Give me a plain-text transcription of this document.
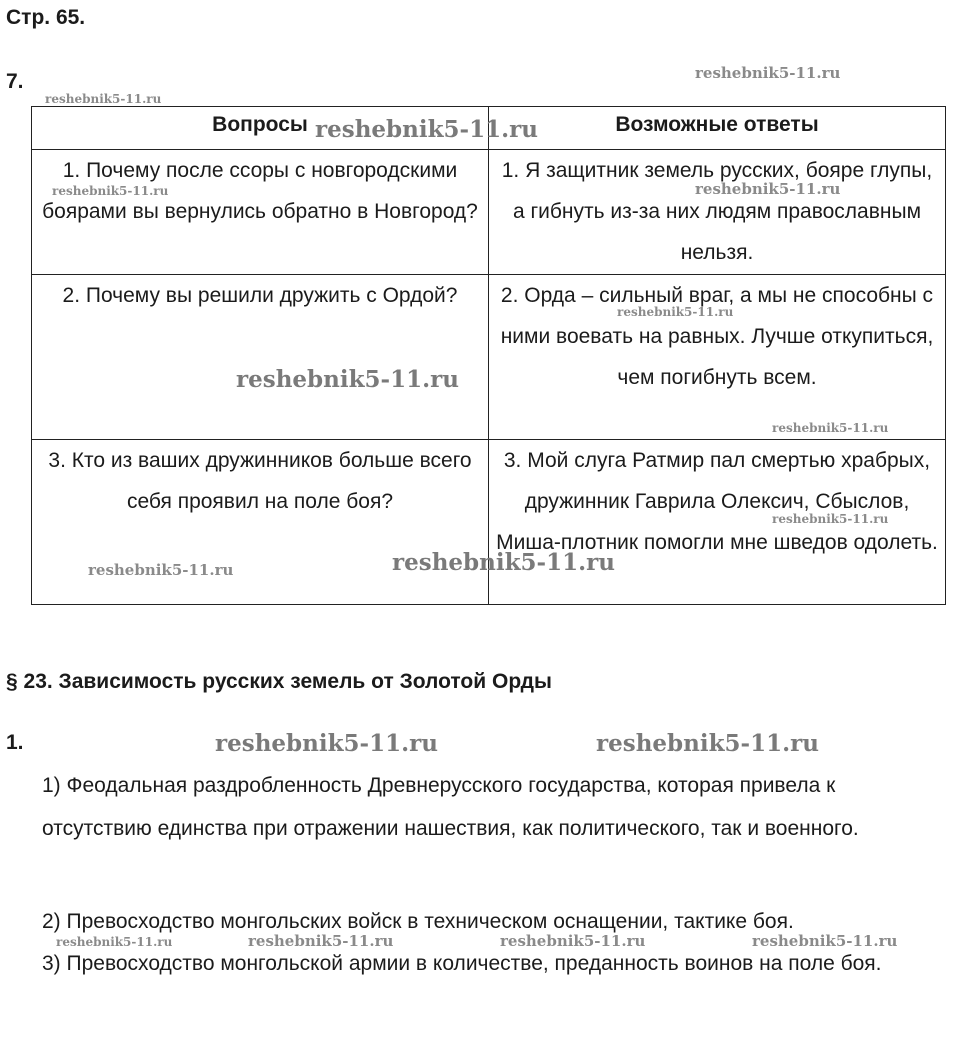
Стр. 65.
7.
Вопросы	Возможные ответы
1. Почему после ссоры с новгородскими боярами вы вернулись обратно в Новгород?	1. Я защитник земель русских, бояре глупы, а гибнуть из-за них людям православным нельзя.
2. Почему вы решили дружить с Ордой?	2. Орда – сильный враг, а мы не способны с ними воевать на равных. Лучше откупиться, чем погибнуть всем.
3. Кто из ваших дружинников больше всего себя проявил на поле боя?	3. Мой слуга Ратмир пал смертью храбрых, дружинник Гаврила Олексич, Сбыслов, Миша-плотник помогли мне шведов одолеть.
§ 23. Зависимость русских земель от Золотой Орды
1.
1) Феодальная раздробленность Древнерусского государства, которая привела к отсутствию единства при отражении нашествия, как политического, так и военного.
2) Превосходство монгольских войск в техническом оснащении, тактике боя.
3) Превосходство монгольской армии в количестве, преданность воинов на поле боя.
reshebnik5-11.ru
reshebnik5-11.ru
reshebnik5-11.ru
reshebnik5-11.ru	reshebnik5-11.ru
reshebnik5-11.ru
reshebnik5-11.ru
reshebnik5-11.ru
reshebnik5-11.ru
reshebnik5-11.ru
reshebnik5-11.ru
reshebnik5-11.ru	reshebnik5-11.ru
reshebnik5-11.ru	reshebnik5-11.ru	reshebnik5-11.ru	reshebnik5-11.ru
